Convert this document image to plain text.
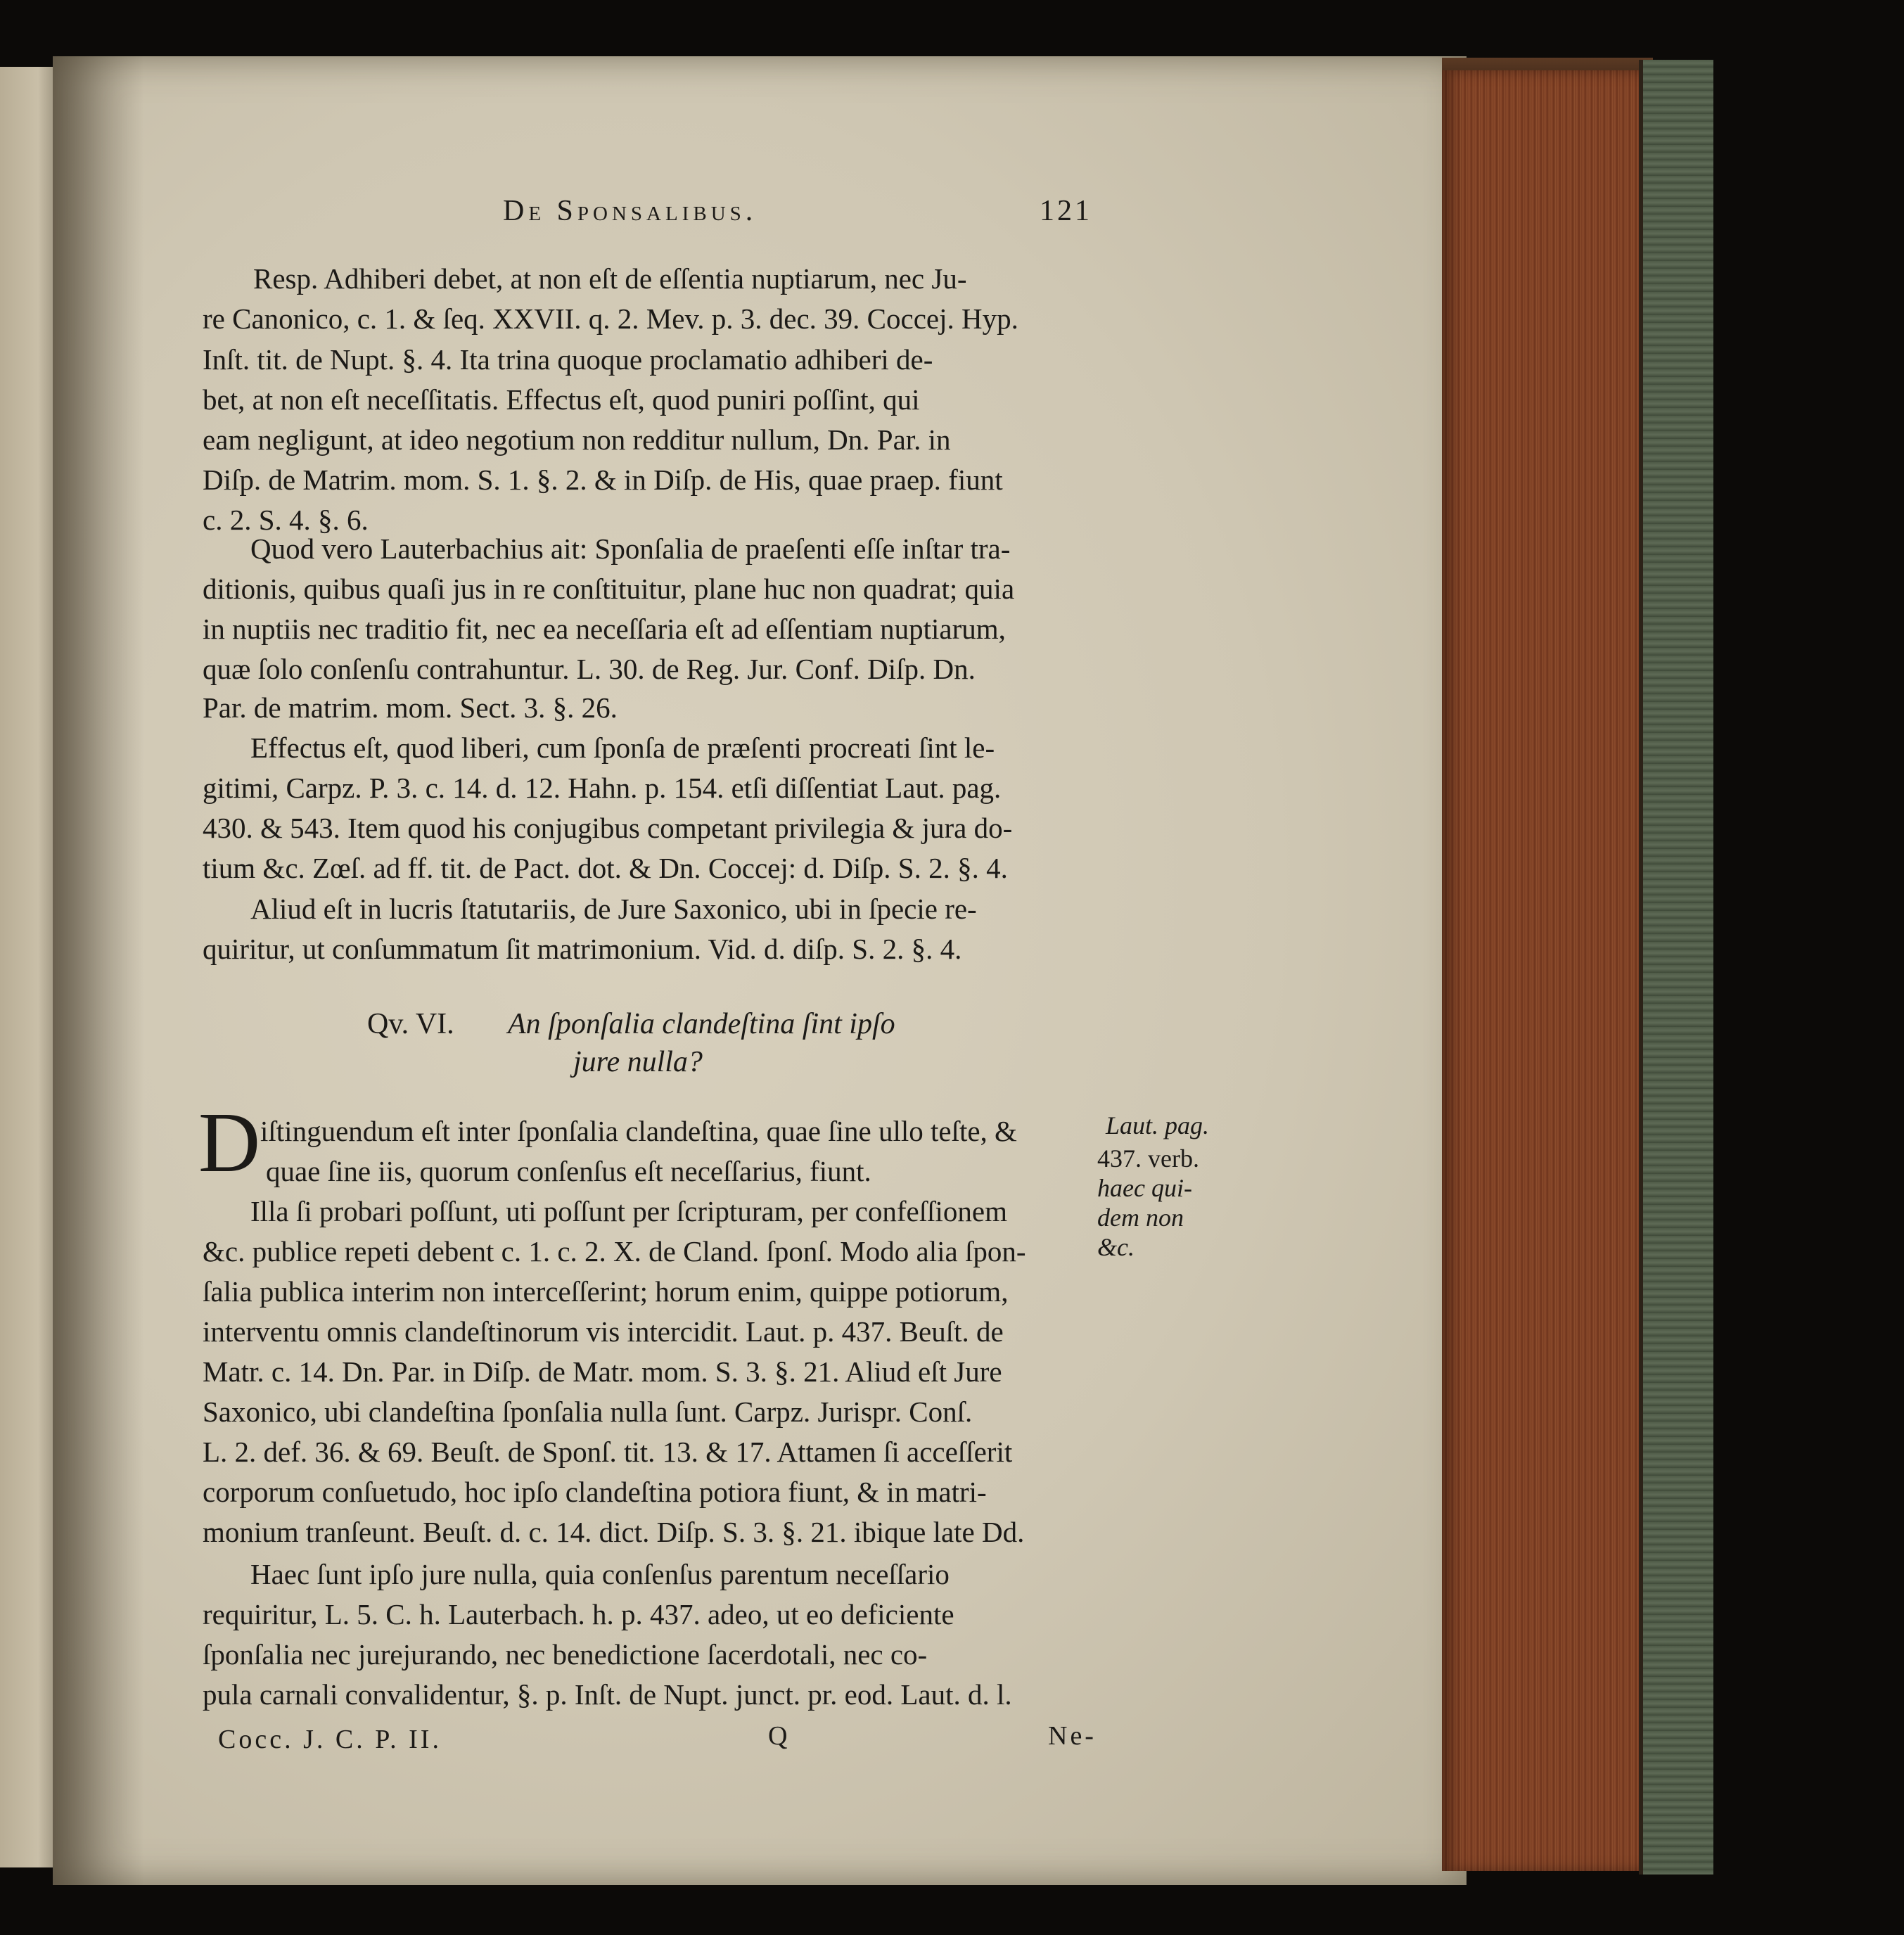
De Sponsalibus.	121
Resp. Adhiberi debet, at non eſt de eſſentia nuptiarum, nec Ju-
re Canonico, c. 1. & ſeq. XXVII. q. 2. Mev. p. 3. dec. 39. Coccej. Hyp.
Inſt. tit. de Nupt. §. 4. Ita trina quoque proclamatio adhiberi de-
bet, at non eſt neceſſitatis. Effectus eſt, quod puniri poſſint, qui
eam negligunt, at ideo negotium non redditur nullum, Dn. Par. in
Diſp. de Matrim. mom. S. 1. §. 2. & in Diſp. de His, quae praep. fiunt
c. 2. S. 4. §. 6.
Quod vero Lauterbachius ait: Sponſalia de praeſenti eſſe inſtar tra-
ditionis, quibus quaſi jus in re conſtituitur, plane huc non quadrat; quia
in nuptiis nec traditio fit, nec ea neceſſaria eſt ad eſſentiam nuptiarum,
quæ ſolo conſenſu contrahuntur. L. 30. de Reg. Jur. Conf. Diſp. Dn.
Par. de matrim. mom. Sect. 3. §. 26.
Effectus eſt, quod liberi, cum ſponſa de præſenti procreati ſint le-
gitimi, Carpz. P. 3. c. 14. d. 12. Hahn. p. 154. etſi diſſentiat Laut. pag.
430. & 543. Item quod his conjugibus competant privilegia & jura do-
tium &c. Zœſ. ad ff. tit. de Pact. dot. & Dn. Coccej: d. Diſp. S. 2. §. 4.
Aliud eſt in lucris ſtatutariis, de Jure Saxonico, ubi in ſpecie re-
quiritur, ut conſummatum ſit matrimonium. Vid. d. diſp. S. 2. §. 4.
Qv. VI. An ſponſalia clandeſtina ſint ipſo
jure nulla?
D iſtinguendum eſt inter ſponſalia clandeſtina, quae ſine ullo teſte, &
quae ſine iis, quorum conſenſus eſt neceſſarius, fiunt.
Illa ſi probari poſſunt, uti poſſunt per ſcripturam, per confeſſionem
&c. publice repeti debent c. 1. c. 2. X. de Cland. ſponſ. Modo alia ſpon-
ſalia publica interim non interceſſerint; horum enim, quippe potiorum,
interventu omnis clandeſtinorum vis intercidit. Laut. p. 437. Beuſt. de
Matr. c. 14. Dn. Par. in Diſp. de Matr. mom. S. 3. §. 21. Aliud eſt Jure
Saxonico, ubi clandeſtina ſponſalia nulla ſunt. Carpz. Jurispr. Conſ.
L. 2. def. 36. & 69. Beuſt. de Sponſ. tit. 13. & 17. Attamen ſi acceſſerit
corporum conſuetudo, hoc ipſo clandeſtina potiora fiunt, & in matri-
monium tranſeunt. Beuſt. d. c. 14. dict. Diſp. S. 3. §. 21. ibique late Dd.
Laut. pag.
437. verb.
haec qui-
dem non
&c.
Haec ſunt ipſo jure nulla, quia conſenſus parentum neceſſario
requiritur, L. 5. C. h. Lauterbach. h. p. 437. adeo, ut eo deficiente
ſponſalia nec jurejurando, nec benedictione ſacerdotali, nec co-
pula carnali convalidentur, §. p. Inſt. de Nupt. junct. pr. eod. Laut. d. l.
Cocc. J. C. P. II.	Q	Ne-
